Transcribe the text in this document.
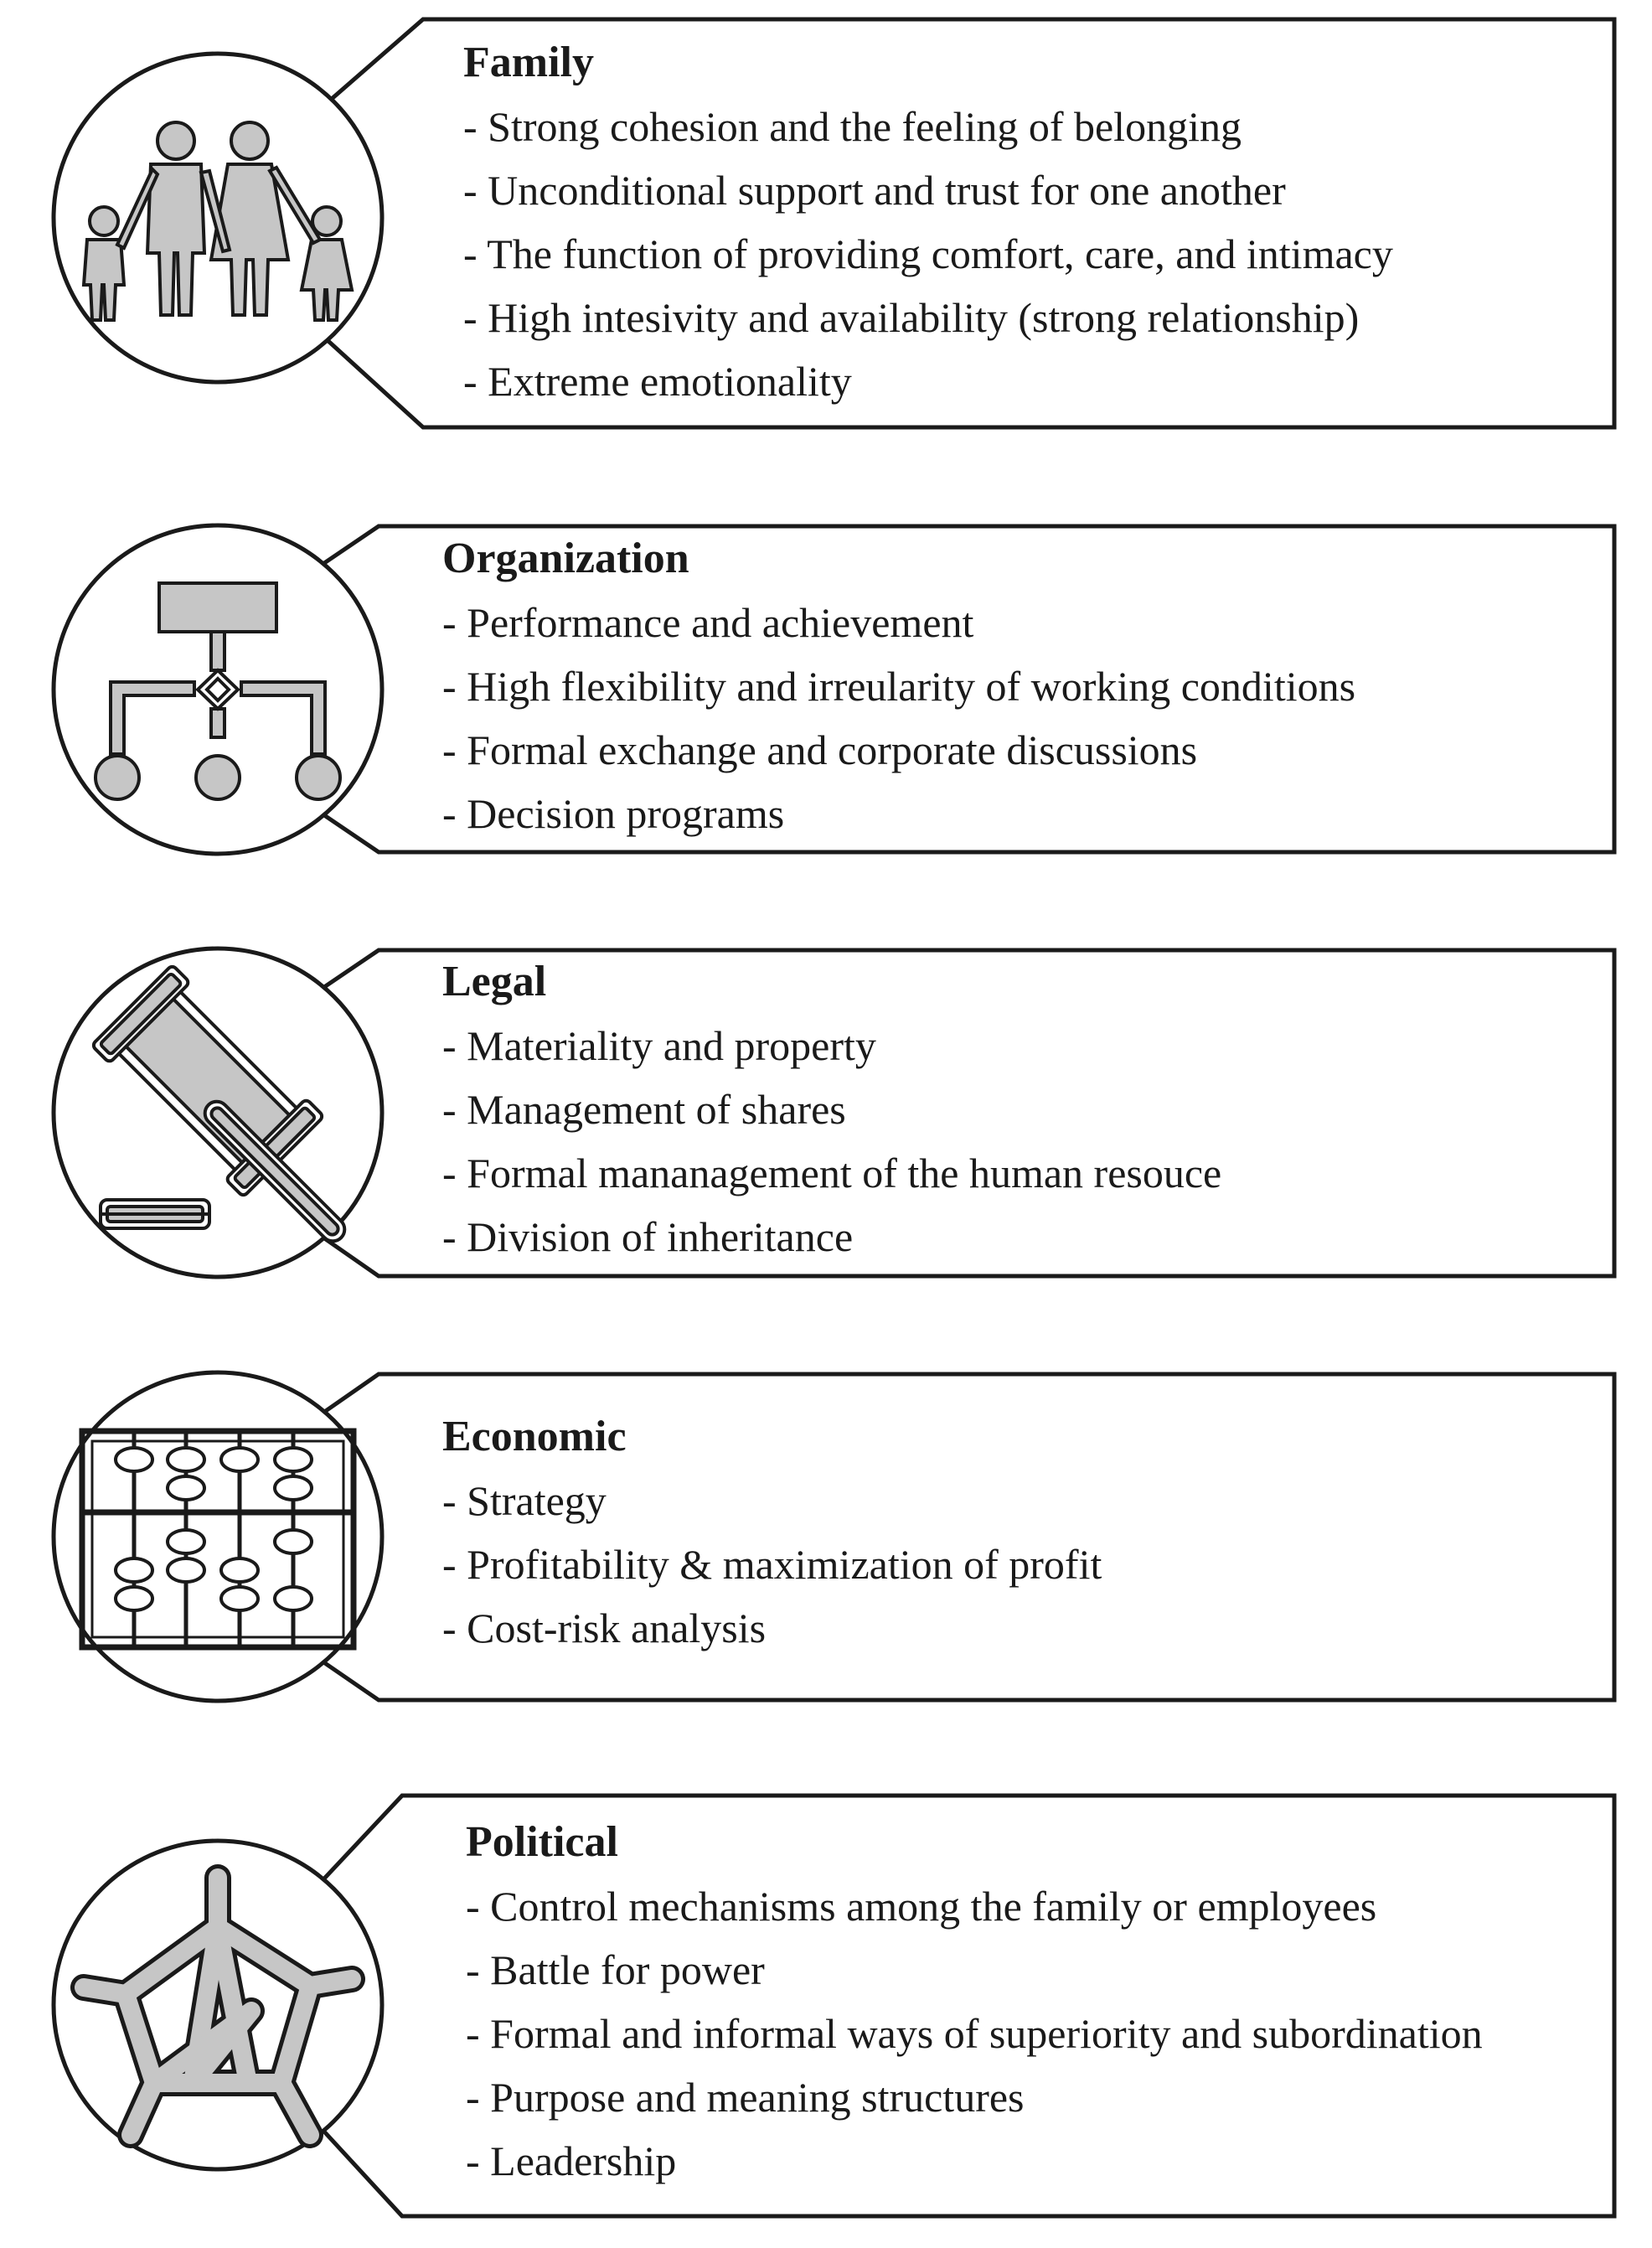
Family
- Strong cohesion and the feeling of belonging
- Unconditional support and trust for one another
- The function of providing comfort, care, and intimacy
- High intesivity and availability (strong relationship)
- Extreme emotionality
Organization
- Performance and achievement
- High flexibility and irreularity of working conditions
- Formal exchange and corporate discussions
- Decision programs
Legal
- Materiality and property
- Management of shares
- Formal mananagement of the human resouce
- Division of inheritance
Economic
- Strategy
- Profitability & maximization of profit
- Cost-risk analysis
Political
- Control mechanisms among the family or employees
- Battle for power
- Formal and informal ways of superiority and subordination
- Purpose and meaning structures
- Leadership
